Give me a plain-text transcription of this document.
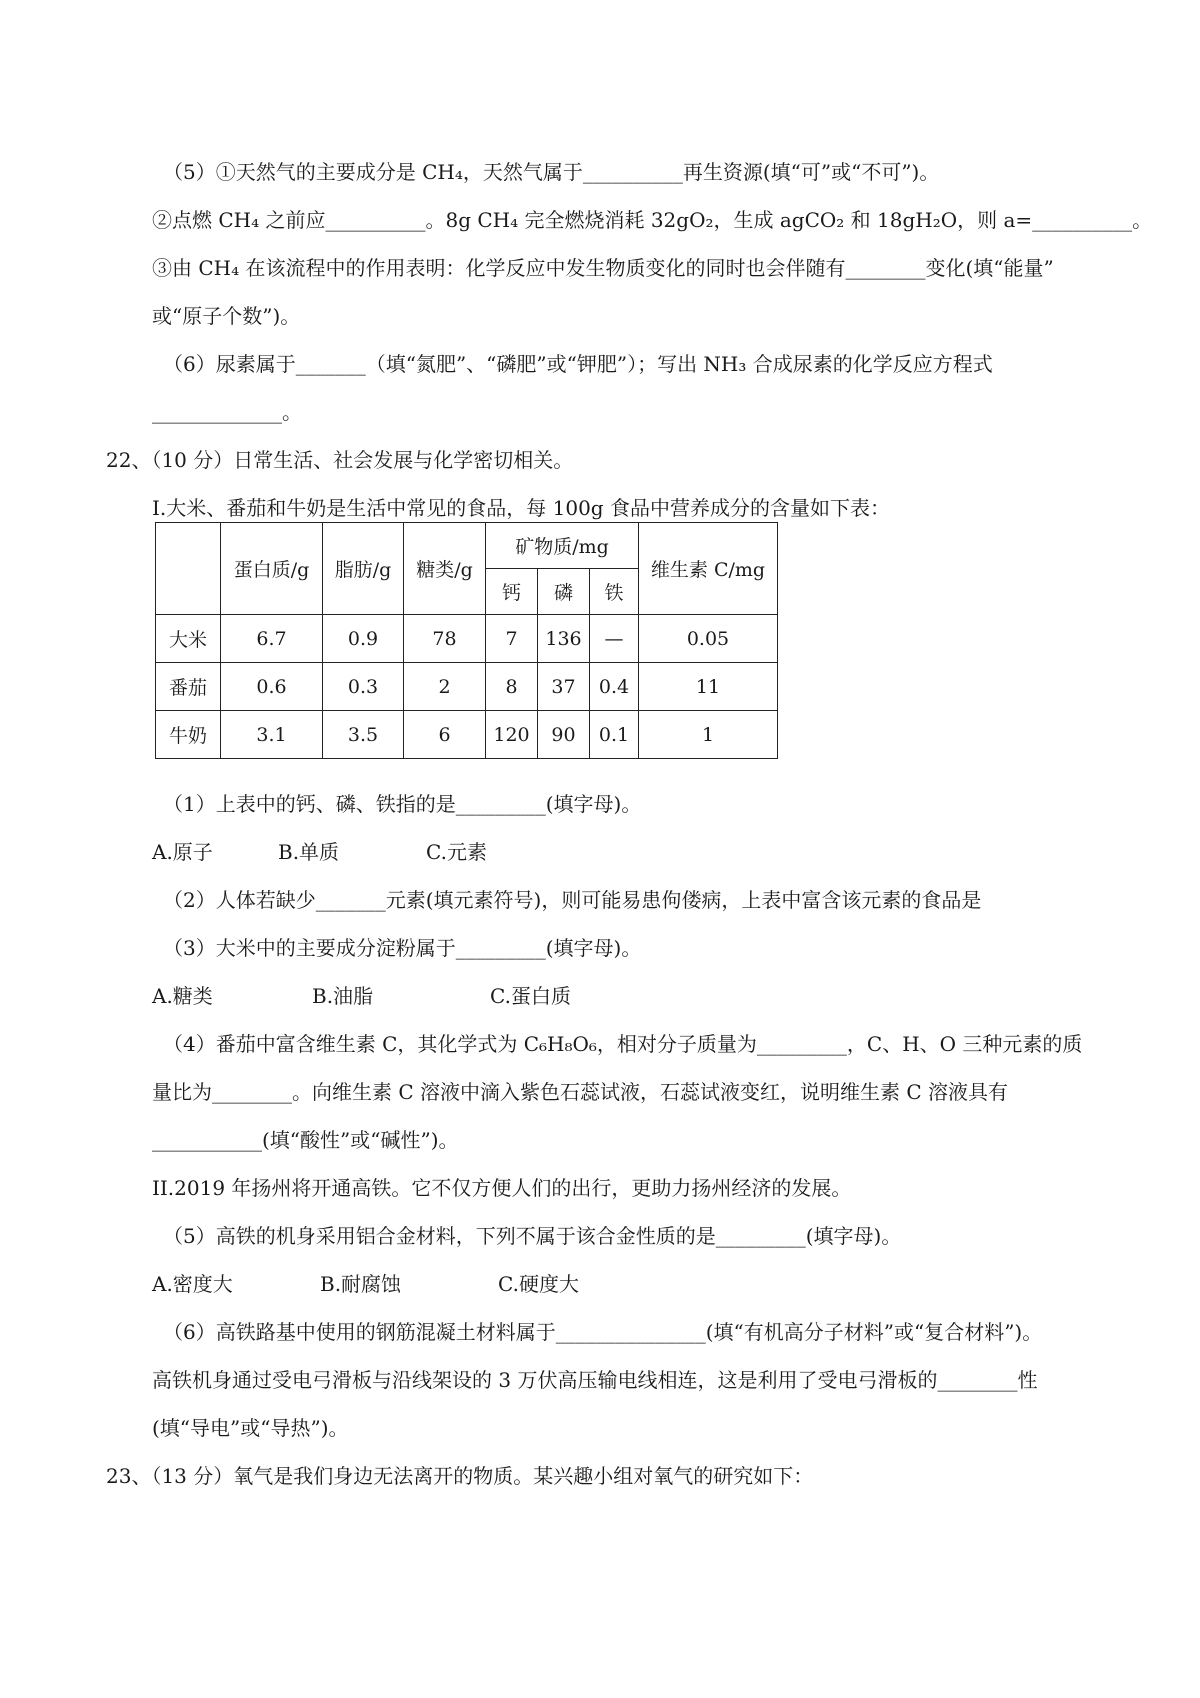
（5）①天然气的主要成分是 CH₄，天然气属于__________再生资源(填“可”或“不可”)。
②点燃 CH₄ 之前应__________。8g CH₄ 完全燃烧消耗 32gO₂，生成 agCO₂ 和 18gH₂O，则 a=__________。
③由 CH₄ 在该流程中的作用表明：化学反应中发生物质变化的同时也会伴随有________变化(填“能量”
或“原子个数”)。
（6）尿素属于_______（填“氮肥”、“磷肥”或“钾肥”）；写出 NH₃ 合成尿素的化学反应方程式
_____________。
22、（10 分）日常生活、社会发展与化学密切相关。
I.大米、番茄和牛奶是生活中常见的食品，每 100g 食品中营养成分的含量如下表：
	蛋白质/g	脂肪/g	糖类/g	矿物质/mg			维生素 C/mg
				钙	磷	铁	
大米	6.7	0.9	78	7	136	—	0.05
番茄	0.6	0.3	2	8	37	0.4	11
牛奶	3.1	3.5	6	120	90	0.1	1
（1）上表中的钙、磷、铁指的是_________(填字母)。
A.原子	B.单质	C.元素
（2）人体若缺少_______元素(填元素符号)，则可能易患佝偻病，上表中富含该元素的食品是
（3）大米中的主要成分淀粉属于_________(填字母)。
A.糖类	B.油脂	C.蛋白质
（4）番茄中富含维生素 C，其化学式为 C₆H₈O₆，相对分子质量为_________，C、H、O 三种元素的质
量比为________。向维生素 C 溶液中滴入紫色石蕊试液，石蕊试液变红，说明维生素 C 溶液具有
___________(填“酸性”或“碱性”)。
II.2019 年扬州将开通高铁。它不仅方便人们的出行，更助力扬州经济的发展。
（5）高铁的机身采用铝合金材料，下列不属于该合金性质的是_________(填字母)。
A.密度大	B.耐腐蚀	C.硬度大
（6）高铁路基中使用的钢筋混凝土材料属于_______________(填“有机高分子材料”或“复合材料”)。
高铁机身通过受电弓滑板与沿线架设的 3 万伏高压输电线相连，这是利用了受电弓滑板的________性
(填“导电”或“导热”)。
23、（13 分）氧气是我们身边无法离开的物质。某兴趣小组对氧气的研究如下：
